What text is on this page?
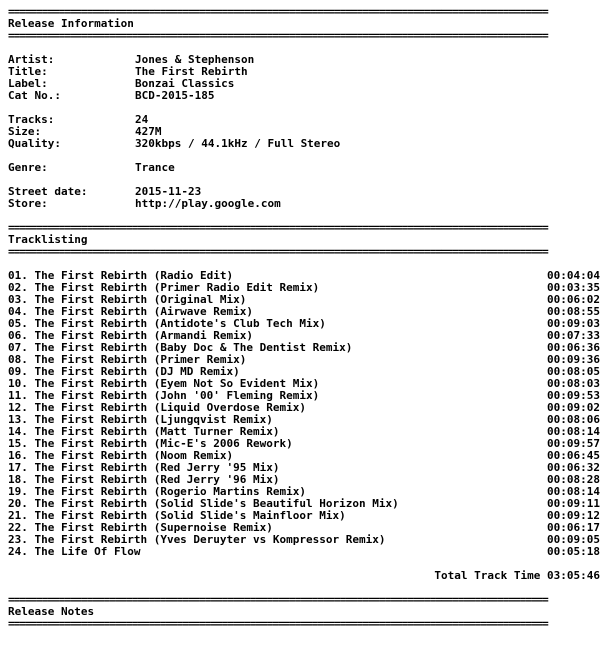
================================================================================================
Release Information
================================================================================================
Artist:	Jones & Stephenson
Title:	The First Rebirth
Label:	Bonzai Classics
Cat No.:	BCD-2015-185
Tracks:	24
Size:	427M
Quality:	320kbps / 44.1kHz / Full Stereo
Genre:	Trance
Street date:	2015-11-23
Store:	http://play.google.com
================================================================================================
Tracklisting
================================================================================================
01. The First Rebirth (Radio Edit)	00:04:04
02. The First Rebirth (Primer Radio Edit Remix)	00:03:35
03. The First Rebirth (Original Mix)	00:06:02
04. The First Rebirth (Airwave Remix)	00:08:55
05. The First Rebirth (Antidote's Club Tech Mix)	00:09:03
06. The First Rebirth (Armandi Remix)	00:07:33
07. The First Rebirth (Baby Doc & The Dentist Remix)	00:06:36
08. The First Rebirth (Primer Remix)	00:09:36
09. The First Rebirth (DJ MD Remix)	00:08:05
10. The First Rebirth (Eyem Not So Evident Mix)	00:08:03
11. The First Rebirth (John '00' Fleming Remix)	00:09:53
12. The First Rebirth (Liquid Overdose Remix)	00:09:02
13. The First Rebirth (Ljungqvist Remix)	00:08:06
14. The First Rebirth (Matt Turner Remix)	00:08:14
15. The First Rebirth (Mic-E's 2006 Rework)	00:09:57
16. The First Rebirth (Noom Remix)	00:06:45
17. The First Rebirth (Red Jerry '95 Mix)	00:06:32
18. The First Rebirth (Red Jerry '96 Mix)	00:08:28
19. The First Rebirth (Rogerio Martins Remix)	00:08:14
20. The First Rebirth (Solid Slide's Beautiful Horizon Mix)	00:09:11
21. The First Rebirth (Solid Slide's Mainfloor Mix)	00:09:12
22. The First Rebirth (Supernoise Remix)	00:06:17
23. The First Rebirth (Yves Deruyter vs Kompressor Remix)	00:09:05
24. The Life Of Flow	00:05:18
Total Track Time 03:05:46
================================================================================================
Release Notes
================================================================================================
